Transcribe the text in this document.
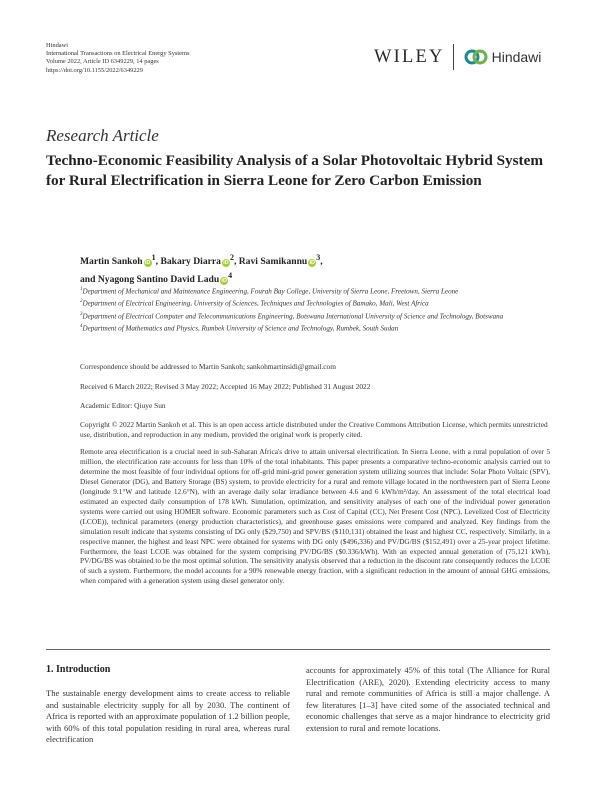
Hindawi
International Transactions on Electrical Energy Systems
Volume 2022, Article ID 6349229, 14 pages
https://doi.org/10.1155/2022/6349229
WILEY	Hindawi
Research Article
Techno-Economic Feasibility Analysis of a Solar Photovoltaic Hybrid System for Rural Electrification in Sierra Leone for Zero Carbon Emission
Martin Sankoh $iD^1$, Bakary Diarra $iD^2$, Ravi Samikannu $iD^3$,
and Nyagong Santino David Ladu $iD^4$
$^1$Department of Mechanical and Maintenance Engineering, Fourah Bay College, University of Sierra Leone, Freetown, Sierra Leone
$^2$Department of Electrical Engineering, University of Sciences, Techniques and Technologies of Bamako, Mali, West Africa
$^3$Department of Electrical Computer and Telecommunications Engineering, Botswana International University of Science and Technology, Botswana
$^4$Department of Mathematics and Physics, Rumbek University of Science and Technology, Rumbek, South Sudan
Correspondence should be addressed to Martin Sankoh; sankohmartinsidi@gmail.com
Received 6 March 2022; Revised 3 May 2022; Accepted 16 May 2022; Published 31 August 2022
Academic Editor: Qiuye Sun
Copyright © 2022 Martin Sankoh et al. This is an open access article distributed under the Creative Commons Attribution License, which permits unrestricted use, distribution, and reproduction in any medium, provided the original work is properly cited.
Remote area electrification is a crucial need in sub-Saharan Africa's drive to attain universal electrification. In Sierra Leone, with a rural population of over 5 million, the electrification rate accounts for less than 10% of the total inhabitants. This paper presents a comparative techno-economic analysis carried out to determine the most feasible of four individual options for off-grid mini-grid power generation system utilizing sources that include: Solar Photo Voltaic (SPV), Diesel Generator (DG), and Battery Storage (BS) system, to provide electricity for a rural and remote village located in the northwestern part of Sierra Leone (longitude 9.1°W and latitude 12.6°N), with an average daily solar irradiance between 4.6 and 6 kWh/m²/day. An assessment of the total electrical load estimated an expected daily consumption of 178 kWh. Simulation, optimization, and sensitivity analyses of each one of the individual power generation systems were carried out using HOMER software. Economic parameters such as Cost of Capital (CC), Net Present Cost (NPC), Levelized Cost of Electricity (LCOE)), technical parameters (energy production characteristics), and greenhouse gases emissions were compared and analyzed. Key findings from the simulation result indicate that systems consisting of DG only ($29,750) and SPV/BS ($110,131) obtained the least and highest CC, respectively. Similarly, in a respective manner, the highest and least NPC were obtained for systems with DG only ($496,336) and PV/DG/BS ($152,491) over a 25-year project lifetime. Furthermore, the least LCOE was obtained for the system comprising PV/DG/BS ($0.336/kWh). With an expected annual generation of (75,121 kWh), PV/DG/BS was obtained to be the most optimal solution. The sensitivity analysis observed that a reduction in the discount rate consequently reduces the LCOE of such a system. Furthermore, the model accounts for a 90% renewable energy fraction, with a significant reduction in the amount of annual GHG emissions, when compared with a generation system using diesel generator only.
1. Introduction
The sustainable energy development aims to create access to reliable and sustainable electricity supply for all by 2030. The continent of Africa is reported with an approximate population of 1.2 billion people, with 60% of this total population residing in rural area, whereas rural electrification
accounts for approximately 45% of this total (The Alliance for Rural Electrification (ARE), 2020). Extending electricity access to many rural and remote communities of Africa is still a major challenge. A few literatures [1–3] have cited some of the associated technical and economic challenges that serve as a major hindrance to electricity grid extension to rural and remote locations.
